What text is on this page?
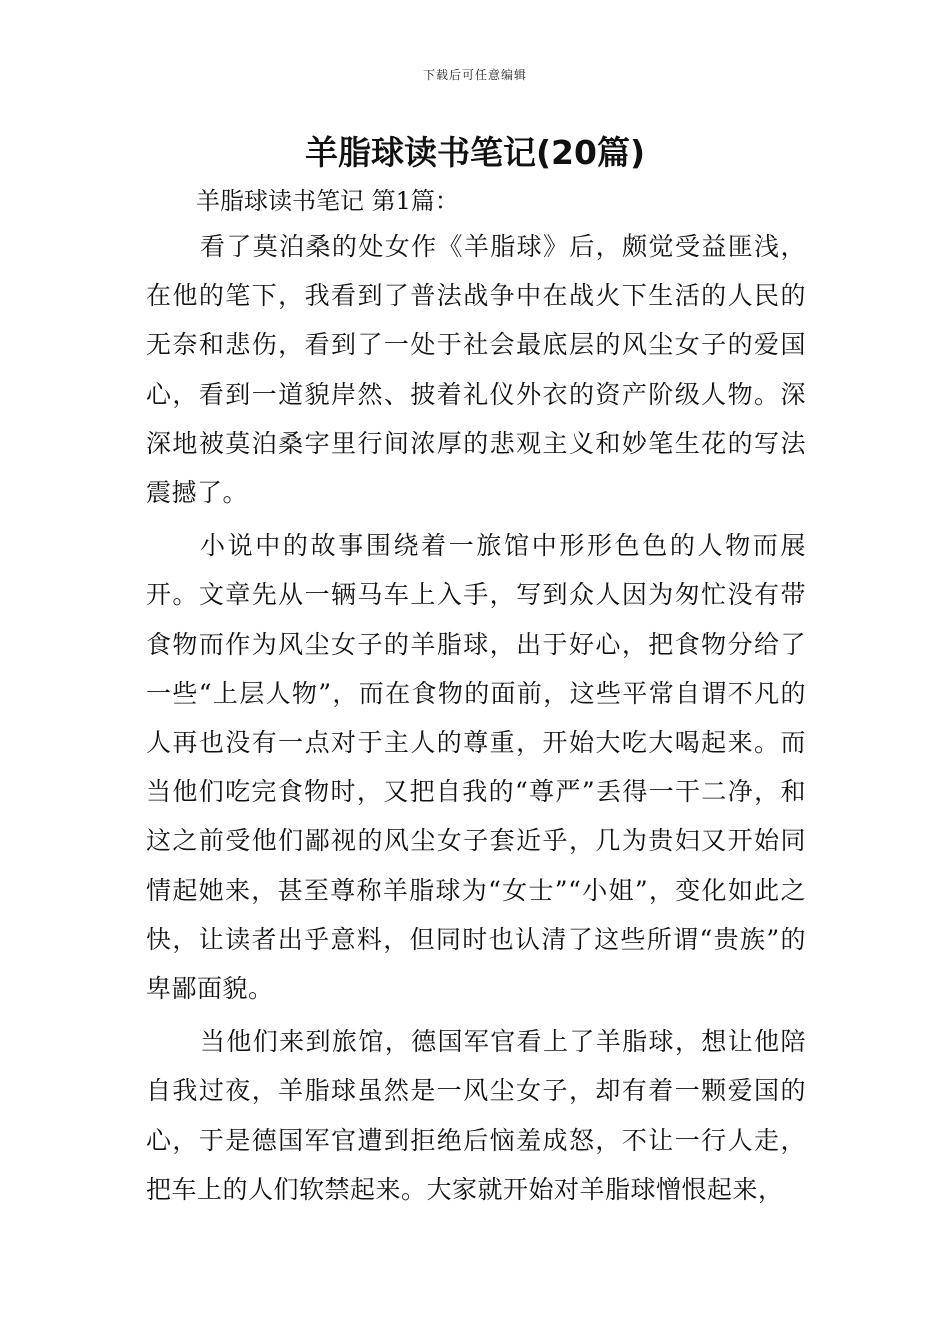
下载后可任意编辑
羊脂球读书笔记(20篇)
羊脂球读书笔记 第1篇：

看了莫泊桑的处女作《羊脂球》后，颇觉受益匪浅，在他的笔下，我看到了普法战争中在战火下生活的人民的无奈和悲伤，看到了一处于社会最底层的风尘女子的爱国心，看到一道貌岸然、披着礼仪外衣的资产阶级人物。深深地被莫泊桑字里行间浓厚的悲观主义和妙笔生花的写法震撼了。

小说中的故事围绕着一旅馆中形形色色的人物而展开。文章先从一辆马车上入手，写到众人因为匆忙没有带食物而作为风尘女子的羊脂球，出于好心，把食物分给了一些“上层人物”，而在食物的面前，这些平常自谓不凡的人再也没有一点对于主人的尊重，开始大吃大喝起来。而当他们吃完食物时，又把自我的“尊严”丢得一干二净，和这之前受他们鄙视的风尘女子套近乎，几为贵妇又开始同情起她来，甚至尊称羊脂球为“女士”“小姐”，变化如此之快，让读者出乎意料，但同时也认清了这些所谓“贵族”的卑鄙面貌。

当他们来到旅馆，德国军官看上了羊脂球，想让他陪自我过夜，羊脂球虽然是一风尘女子，却有着一颗爱国的心，于是德国军官遭到拒绝后恼羞成怒，不让一行人走，把车上的人们软禁起来。大家就开始对羊脂球憎恨起来，
